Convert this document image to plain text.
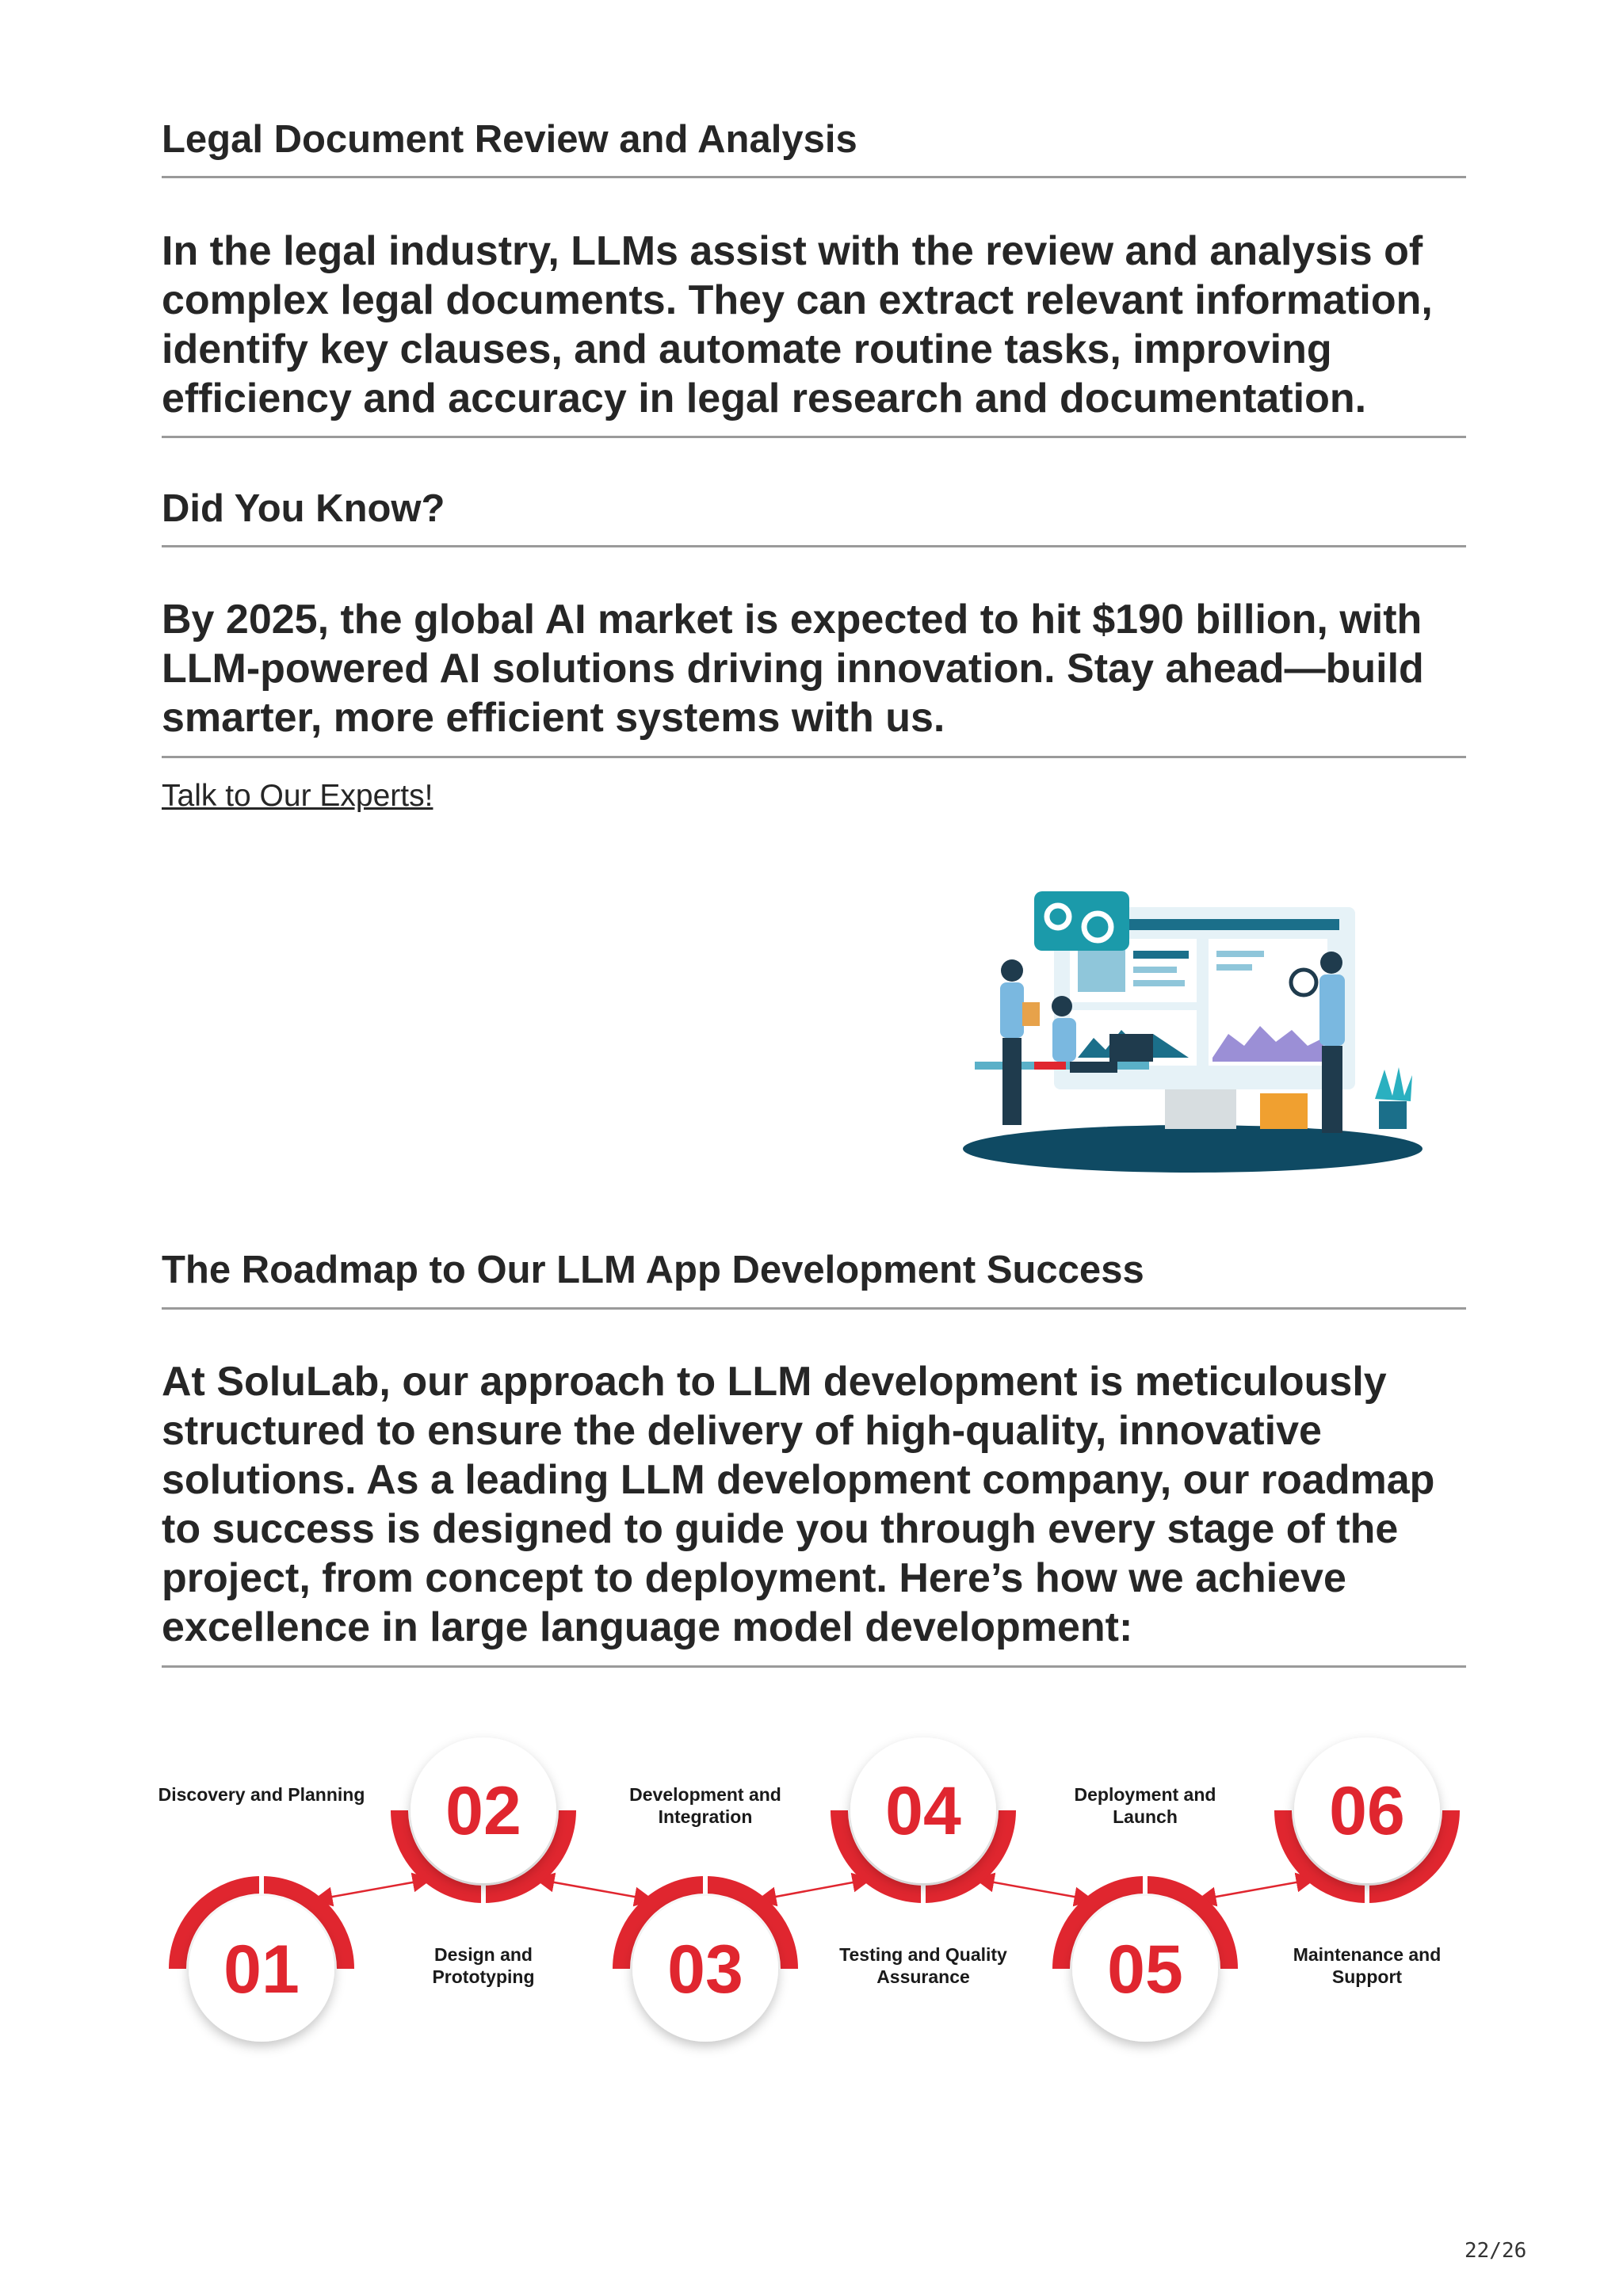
Legal Document Review and Analysis

In the legal industry, LLMs assist with the review and analysis of complex legal documents. They can extract relevant information, identify key clauses, and automate routine tasks, improving efficiency and accuracy in legal research and documentation.

Did You Know?

By 2025, the global AI market is expected to hit $190 billion, with LLM-powered AI solutions driving innovation. Stay ahead—build smarter, more efficient systems with us.

Talk to Our Experts!
The Roadmap to Our LLM App Development Success

At SoluLab, our approach to LLM development is meticulously structured to ensure the delivery of high-quality, innovative solutions. As a leading LLM development company, our roadmap to success is designed to guide you through every stage of the project, from concept to deployment. Here’s how we achieve excellence in large language model development:

01
Discovery and Planning 02
Design and
Prototyping 03
Development and
Integration 04
Testing and Quality
Assurance 05
Deployment and
Launch 06
Maintenance and
Support
22/26
